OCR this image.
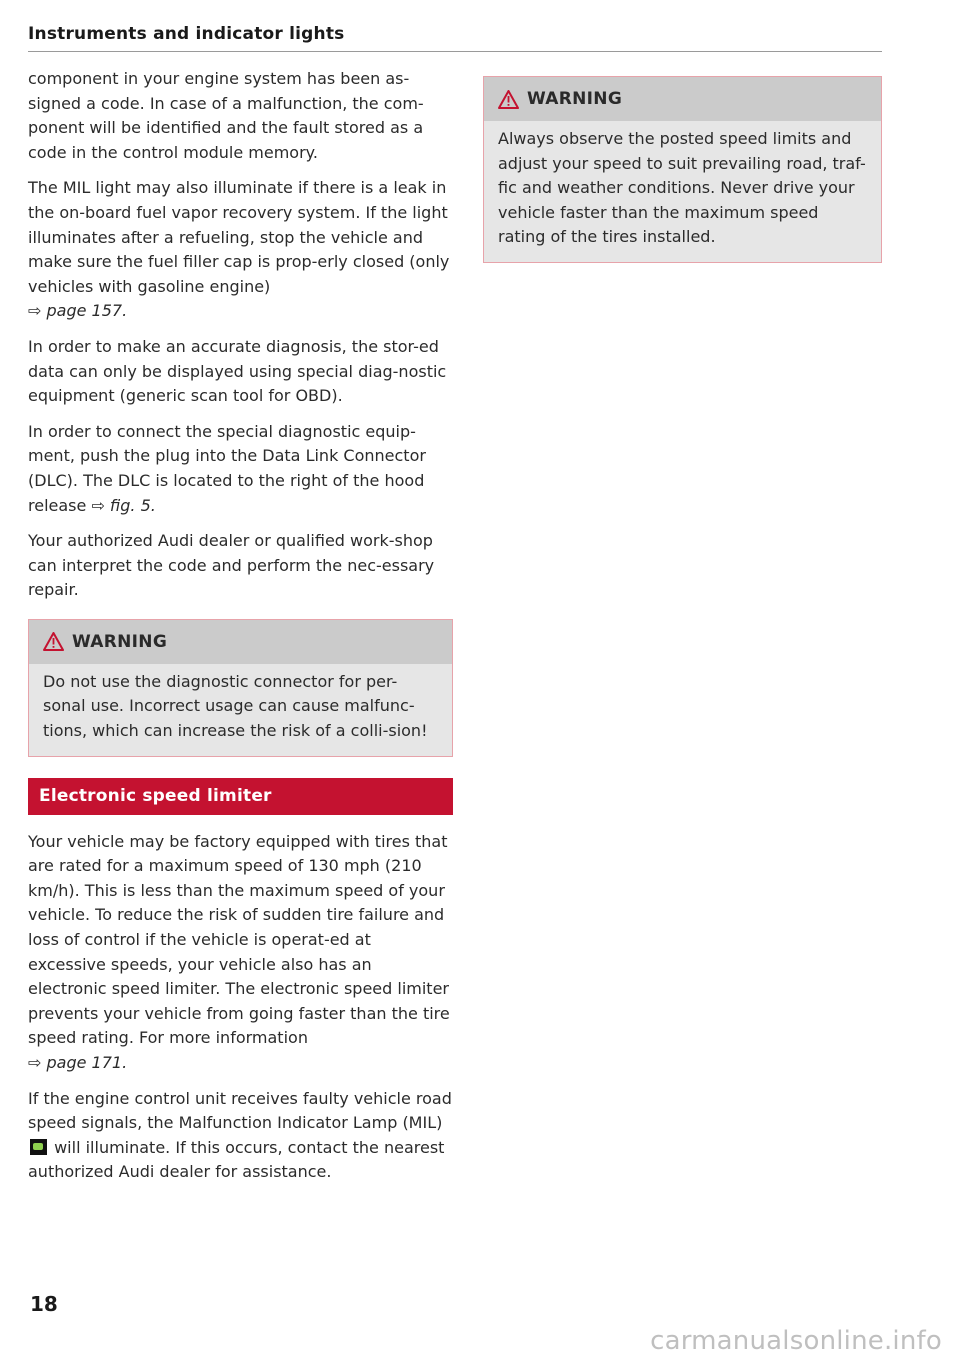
Instruments and indicator lights

component in your engine system has been as-signed a code. In case of a malfunction, the com-ponent will be identified and the fault stored as a code in the control module memory.

The MIL light may also illuminate if there is a leak in the on-board fuel vapor recovery system. If the light illuminates after a refueling, stop the vehicle and make sure the fuel filler cap is prop-erly closed (only vehicles with gasoline engine)
⇨ page 157.

In order to make an accurate diagnosis, the stor-ed data can only be displayed using special diag-nostic equipment (generic scan tool for OBD).

In order to connect the special diagnostic equip-ment, push the plug into the Data Link Connector (DLC). The DLC is located to the right of the hood release ⇨ fig. 5.

Your authorized Audi dealer or qualified work-shop can interpret the code and perform the nec-essary repair.

WARNING
Do not use the diagnostic connector for per-sonal use. Incorrect usage can cause malfunc-tions, which can increase the risk of a colli-sion!
Electronic speed limiter

Your vehicle may be factory equipped with tires that are rated for a maximum speed of 130 mph (210 km/h). This is less than the maximum speed of your vehicle. To reduce the risk of sudden tire failure and loss of control if the vehicle is operat-ed at excessive speeds, your vehicle also has an electronic speed limiter. The electronic speed limiter prevents your vehicle from going faster than the tire speed rating. For more information
⇨ page 171.

If the engine control unit receives faulty vehicle road speed signals, the Malfunction Indicator Lamp (MIL)  will illuminate. If this occurs, contact the nearest authorized Audi dealer for assistance.

WARNING
Always observe the posted speed limits and adjust your speed to suit prevailing road, traf-fic and weather conditions. Never drive your vehicle faster than the maximum speed rating of the tires installed.
18
carmanualsonline.info
